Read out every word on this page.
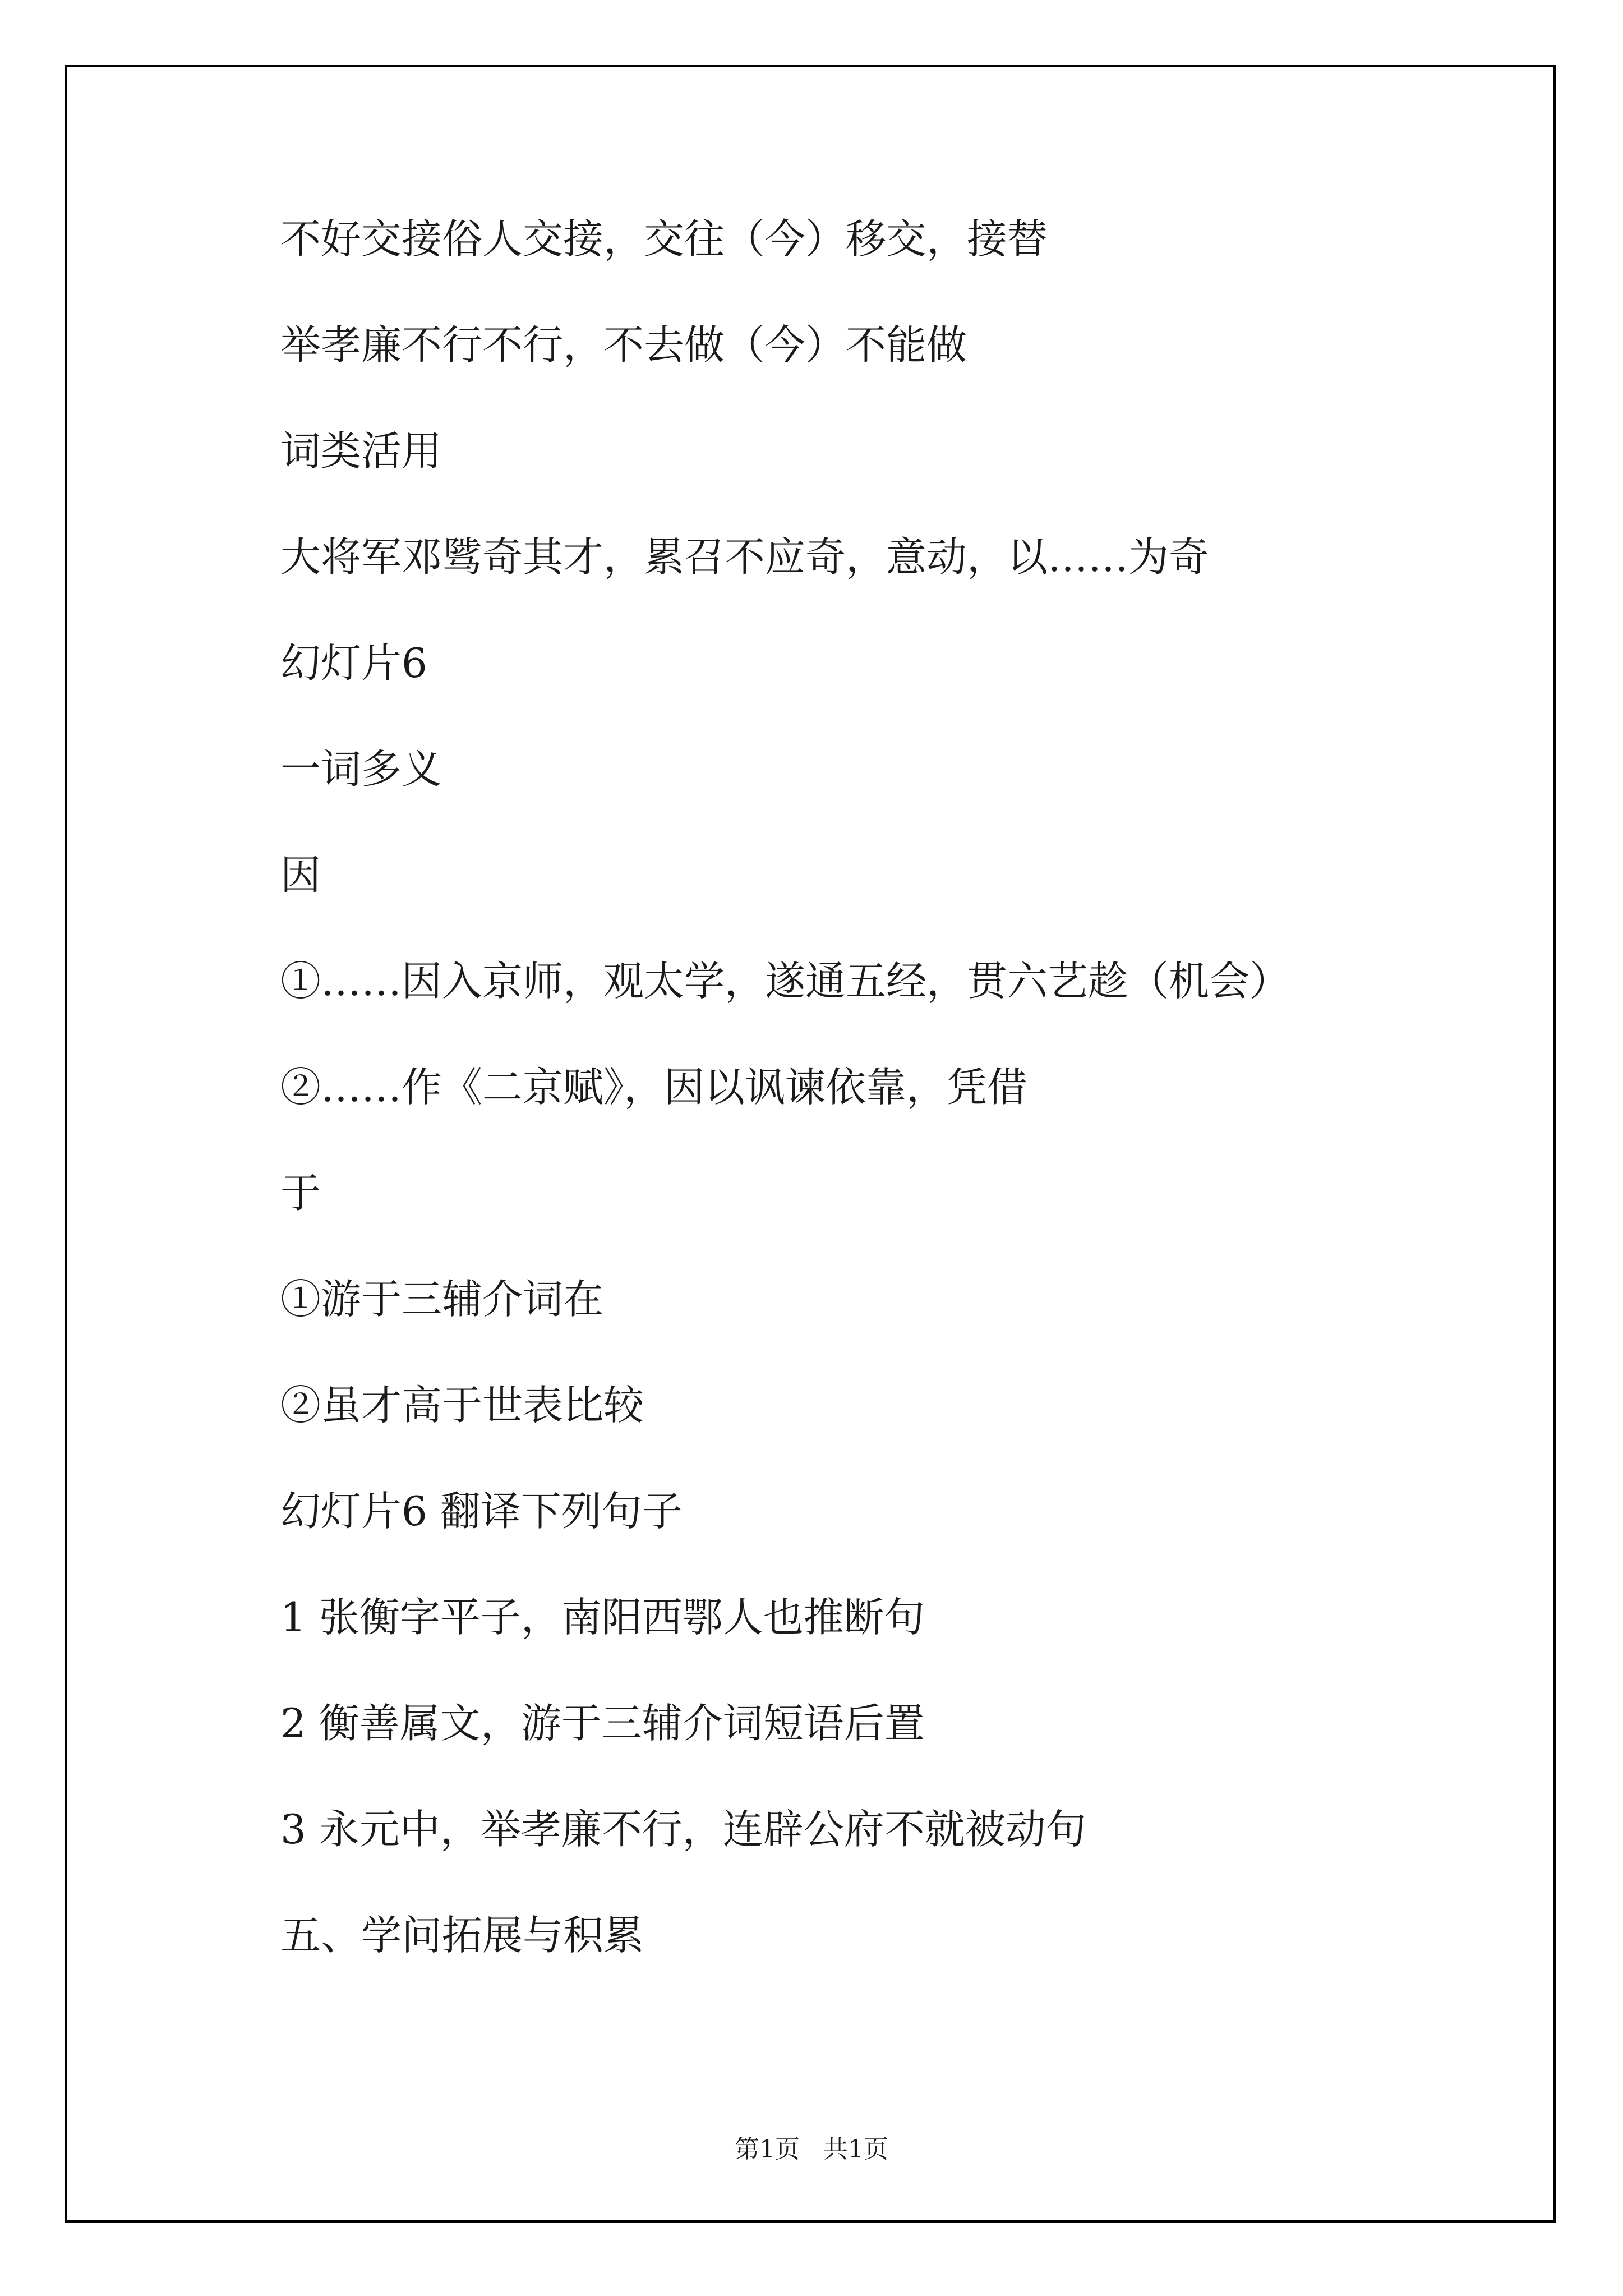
不好交接俗人交接，交往（今）移交，接替
举孝廉不行不行，不去做（今）不能做
词类活用
大将军邓骘奇其才，累召不应奇，意动，以……为奇
幻灯片6
一词多义
因
①……因入京师，观太学，遂通五经，贯六艺趁（机会）
②……作《二京赋》，因以讽谏依靠，凭借
于
①游于三辅介词在
②虽才高于世表比较
幻灯片6 翻译下列句子
1 张衡字平子，南阳西鄂人也推断句
2 衡善属文，游于三辅介词短语后置
3 永元中，举孝廉不行，连辟公府不就被动句
五、学问拓展与积累
第1页   共1页
